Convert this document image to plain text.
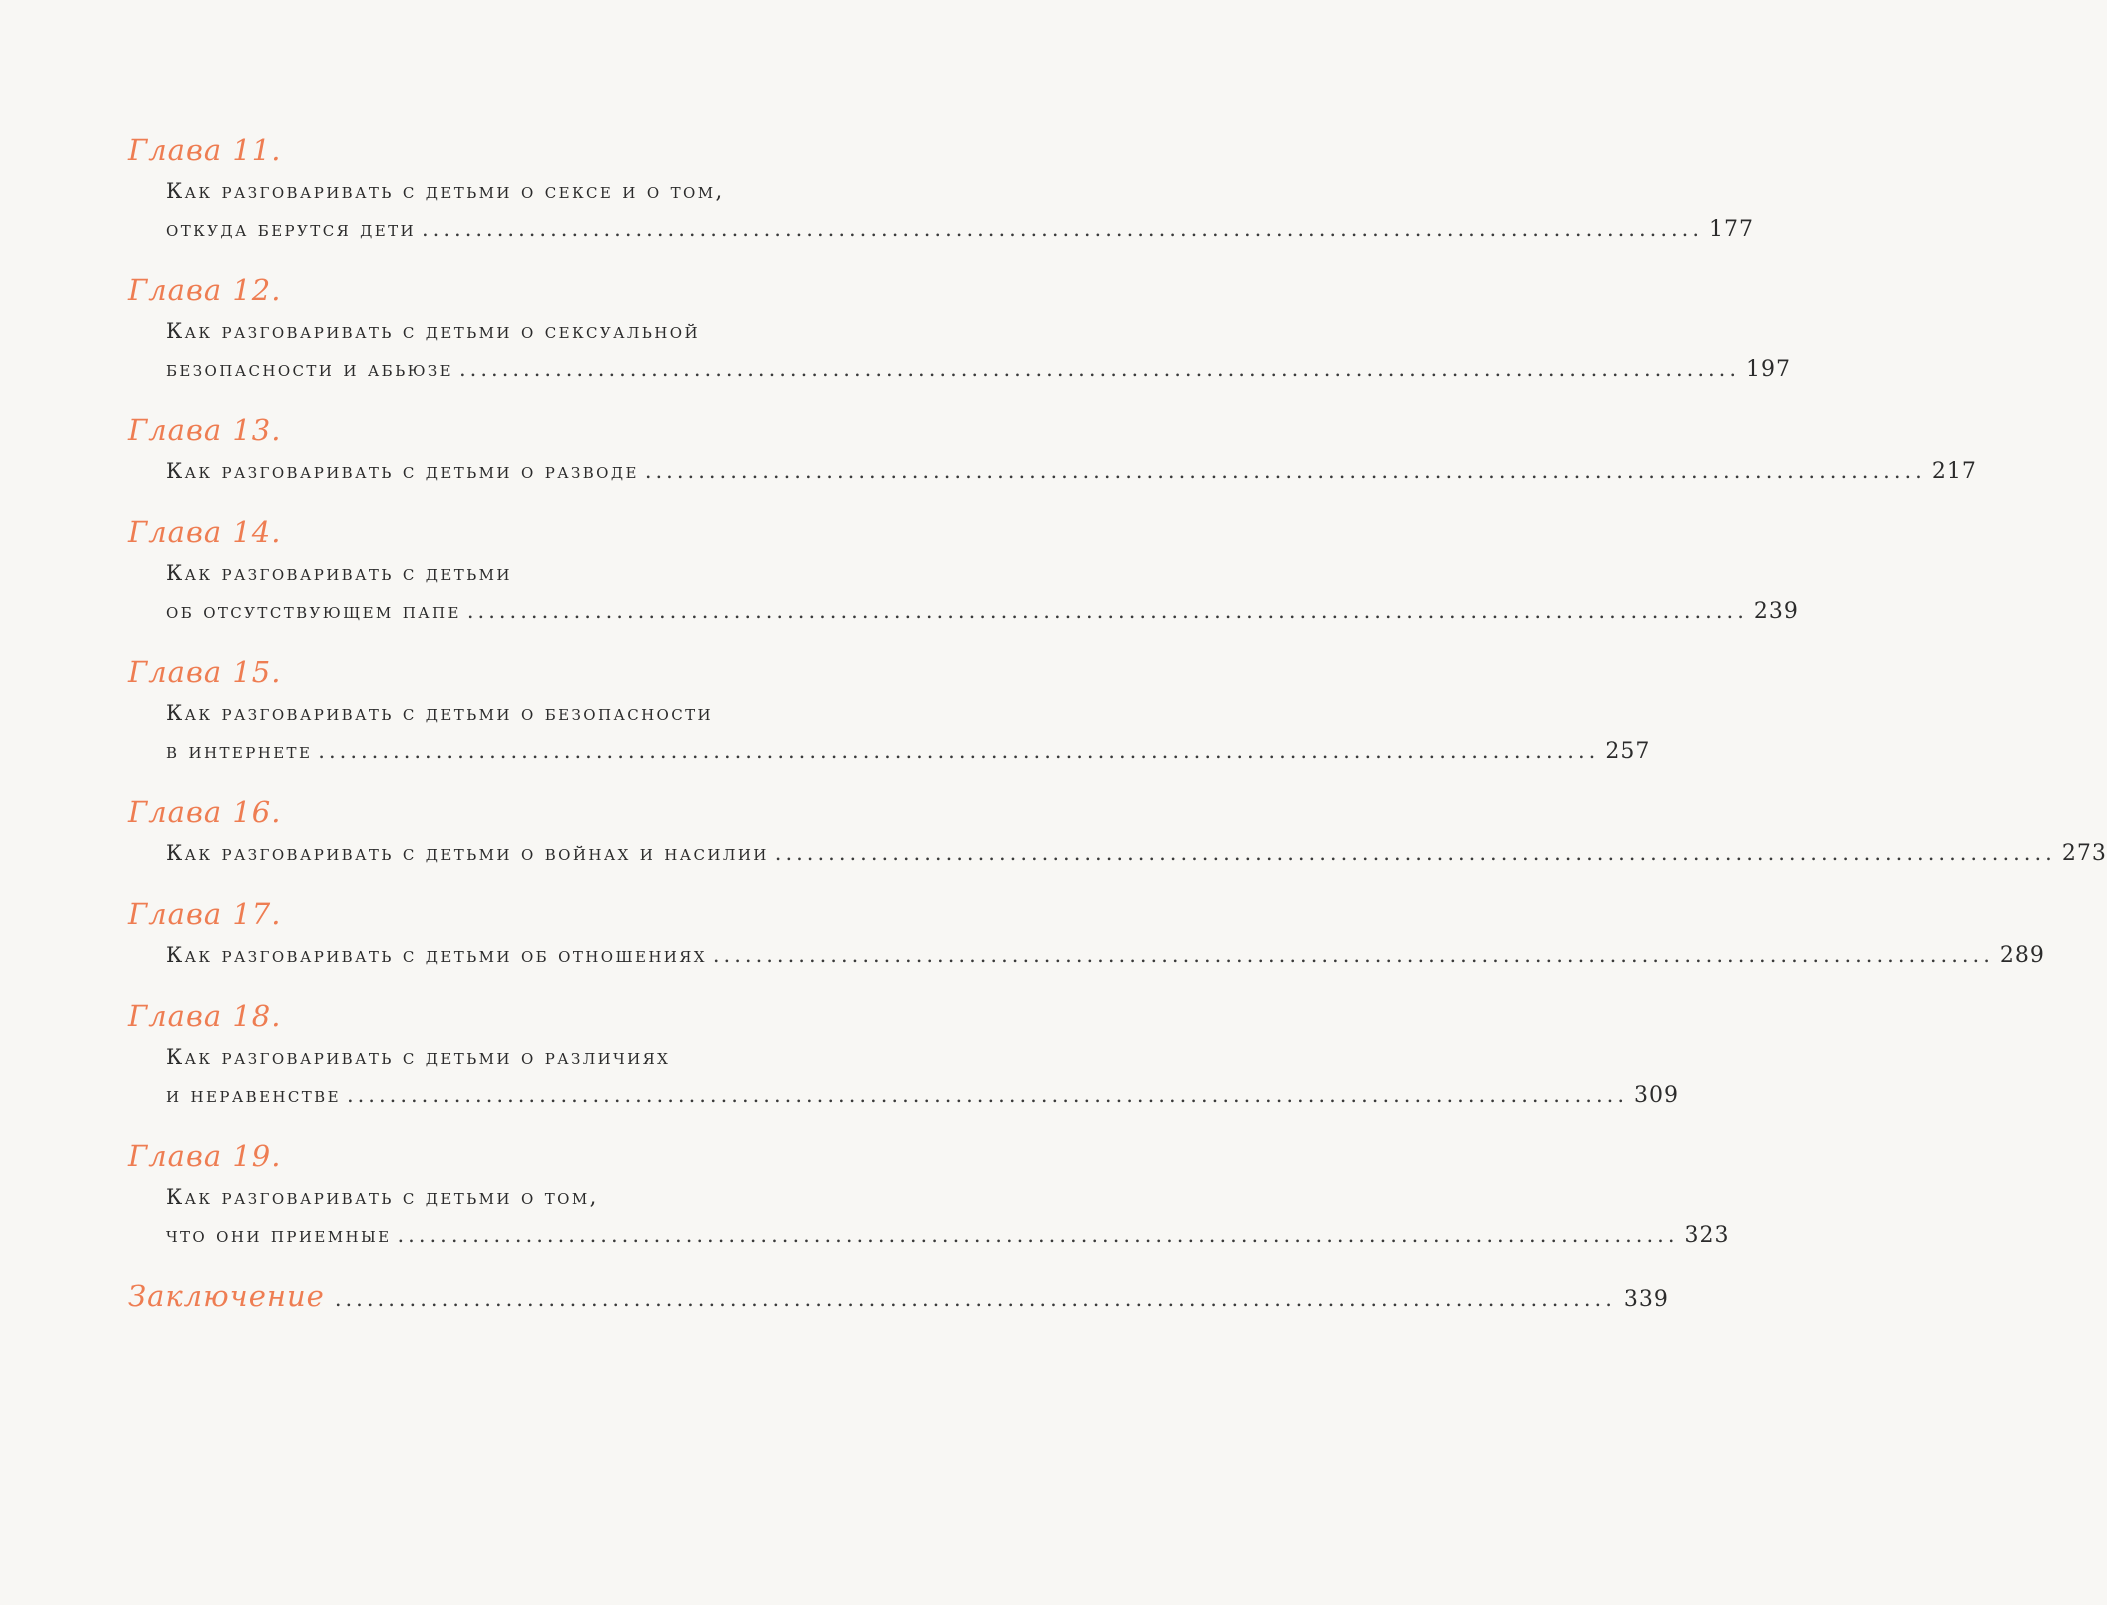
Глава 11.
Как разговаривать с детьми о сексе и о том,
откуда берутся дети ........................................................................................................................ 177
Глава 12.
Как разговаривать с детьми о сексуальной
безопасности и абьюзе ........................................................................................................................ 197
Глава 13.
Как разговаривать с детьми о разводе ........................................................................................................................ 217
Глава 14.
Как разговаривать с детьми
об отсутствующем папе ........................................................................................................................ 239
Глава 15.
Как разговаривать с детьми о безопасности
в интернете ........................................................................................................................ 257
Глава 16.
Как разговаривать с детьми о войнах и насилии ........................................................................................................................ 273
Глава 17.
Как разговаривать с детьми об отношениях ........................................................................................................................ 289
Глава 18.
Как разговаривать с детьми о различиях
и неравенстве ........................................................................................................................ 309
Глава 19.
Как разговаривать с детьми о том,
что они приемные ........................................................................................................................ 323
Заключение ........................................................................................................................ 339
